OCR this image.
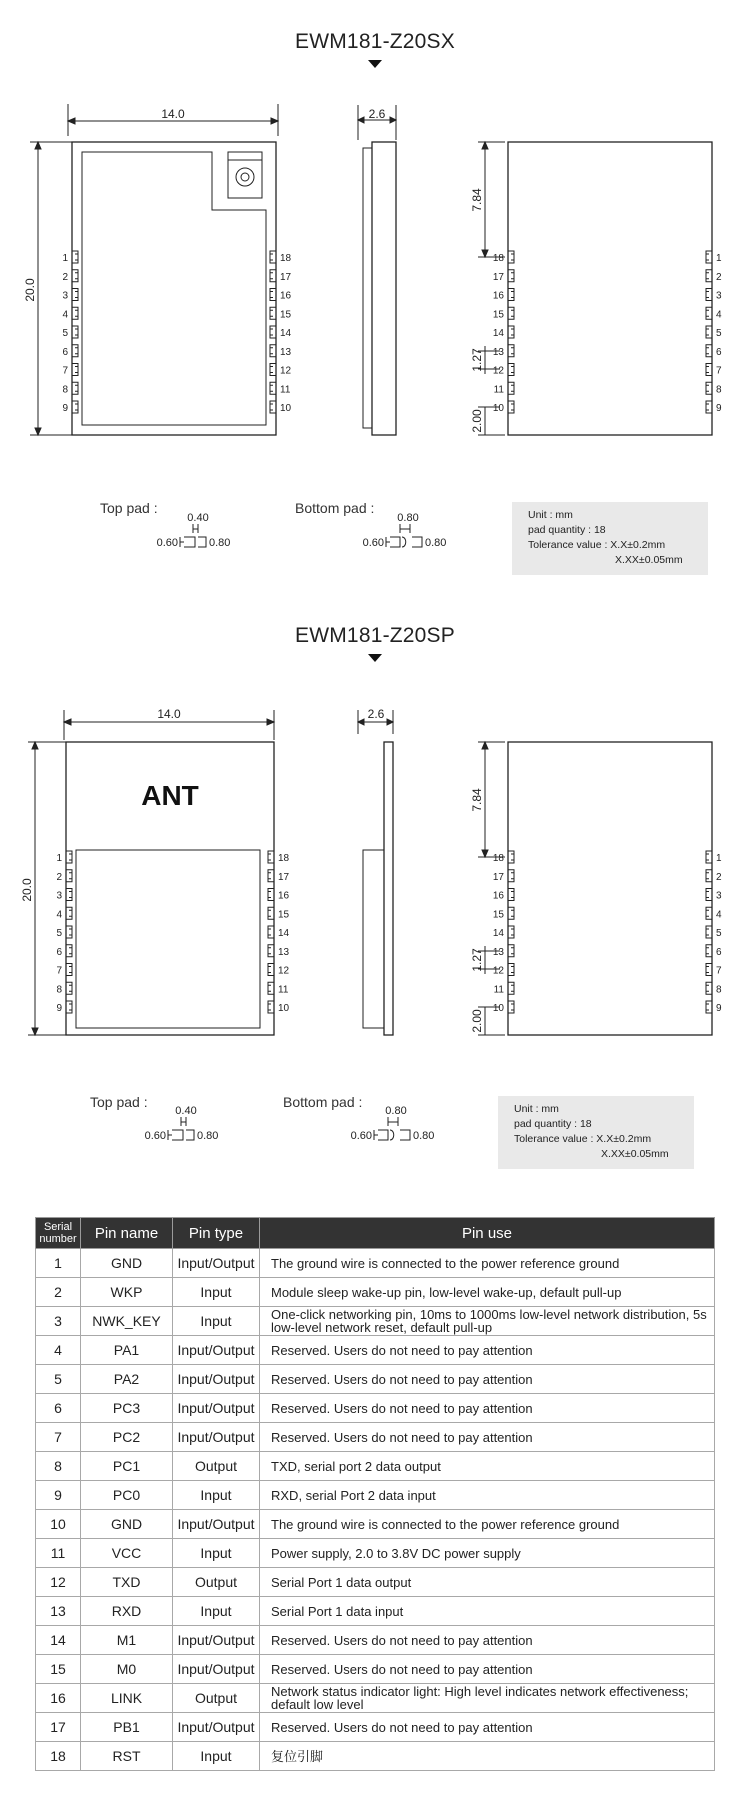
EWM181-Z20SX
14.0
20.0
2.6
7.84
1.27
2.00
1
2
3
4
5
6
7
8
9
18
17
16
15
14
13
12
11
10
18
17
16
15
14
13
12
11
10
1
2
3
4
5
6
7
8
9
Top pad :	Bottom pad :
0.40
0.60	0.80
0.80
0.60	0.80
Unit : mm
pad quantity : 18
Tolerance value : X.X±0.2mm
X.XX±0.05mm
EWM181-Z20SP
14.0
20.0
ANT
2.6
7.84
1.27
2.00
1
2
3
4
5
6
7
8
9
18
17
16
15
14
13
12
11
10
18
17
16
15
14
13
12
11
10
1
2
3
4
5
6
7
8
9
Top pad :	Bottom pad :
0.40
0.60	0.80
0.80
0.60	0.80
Unit : mm
pad quantity : 18
Tolerance value : X.X±0.2mm
X.XX±0.05mm
Serial number	Pin name	Pin type	Pin use
1	GND	Input/Output	The ground wire is connected to the power reference ground
2	WKP	Input	Module sleep wake-up pin, low-level wake-up, default pull-up
3	NWK_KEY	Input	One-click networking pin, 10ms to 1000ms low-level network distribution, 5s low-level network reset, default pull-up
4	PA1	Input/Output	Reserved. Users do not need to pay attention
5	PA2	Input/Output	Reserved. Users do not need to pay attention
6	PC3	Input/Output	Reserved. Users do not need to pay attention
7	PC2	Input/Output	Reserved. Users do not need to pay attention
8	PC1	Output	TXD, serial port 2 data output
9	PC0	Input	RXD, serial Port 2 data input
10	GND	Input/Output	The ground wire is connected to the power reference ground
11	VCC	Input	Power supply, 2.0 to 3.8V DC power supply
12	TXD	Output	Serial Port 1 data output
13	RXD	Input	Serial Port 1 data input
14	M1	Input/Output	Reserved. Users do not need to pay attention
15	M0	Input/Output	Reserved. Users do not need to pay attention
16	LINK	Output	Network status indicator light: High level indicates network effectiveness; default low level
17	PB1	Input/Output	Reserved. Users do not need to pay attention
18	RST	Input	复位引脚
